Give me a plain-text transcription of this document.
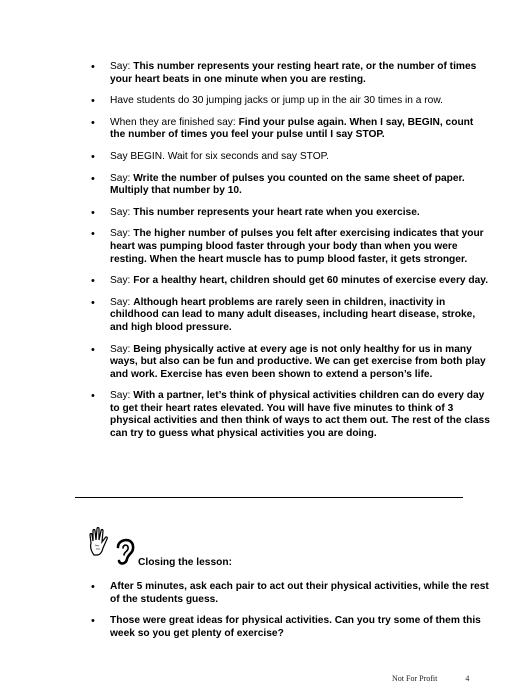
• Say: This number represents your resting heart rate, or the number of times your heart beats in one minute when you are resting.
• Have students do 30 jumping jacks or jump up in the air 30 times in a row.
• When they are finished say: Find your pulse again. When I say, BEGIN, count the number of times you feel your pulse until I say STOP.
• Say BEGIN. Wait for six seconds and say STOP.
• Say: Write the number of pulses you counted on the same sheet of paper. Multiply that number by 10.
• Say: This number represents your heart rate when you exercise.
• Say: The higher number of pulses you felt after exercising indicates that your heart was pumping blood faster through your body than when you were resting. When the heart muscle has to pump blood faster, it gets stronger.
• Say: For a healthy heart, children should get 60 minutes of exercise every day.
• Say: Although heart problems are rarely seen in children, inactivity in childhood can lead to many adult diseases, including heart disease, stroke, and high blood pressure.
• Say: Being physically active at every age is not only healthy for us in many ways, but also can be fun and productive. We can get exercise from both play and work. Exercise has even been shown to extend a person’s life.
• Say: With a partner, let’s think of physical activities children can do every day to get their heart rates elevated. You will have five minutes to think of 3 physical activities and then think of ways to act them out. The rest of the class can try to guess what physical activities you are doing.
Closing the lesson:
• After 5 minutes, ask each pair to act out their physical activities, while the rest of the students guess.
• Those were great ideas for physical activities. Can you try some of them this week so you get plenty of exercise?
Not For Profit	4
